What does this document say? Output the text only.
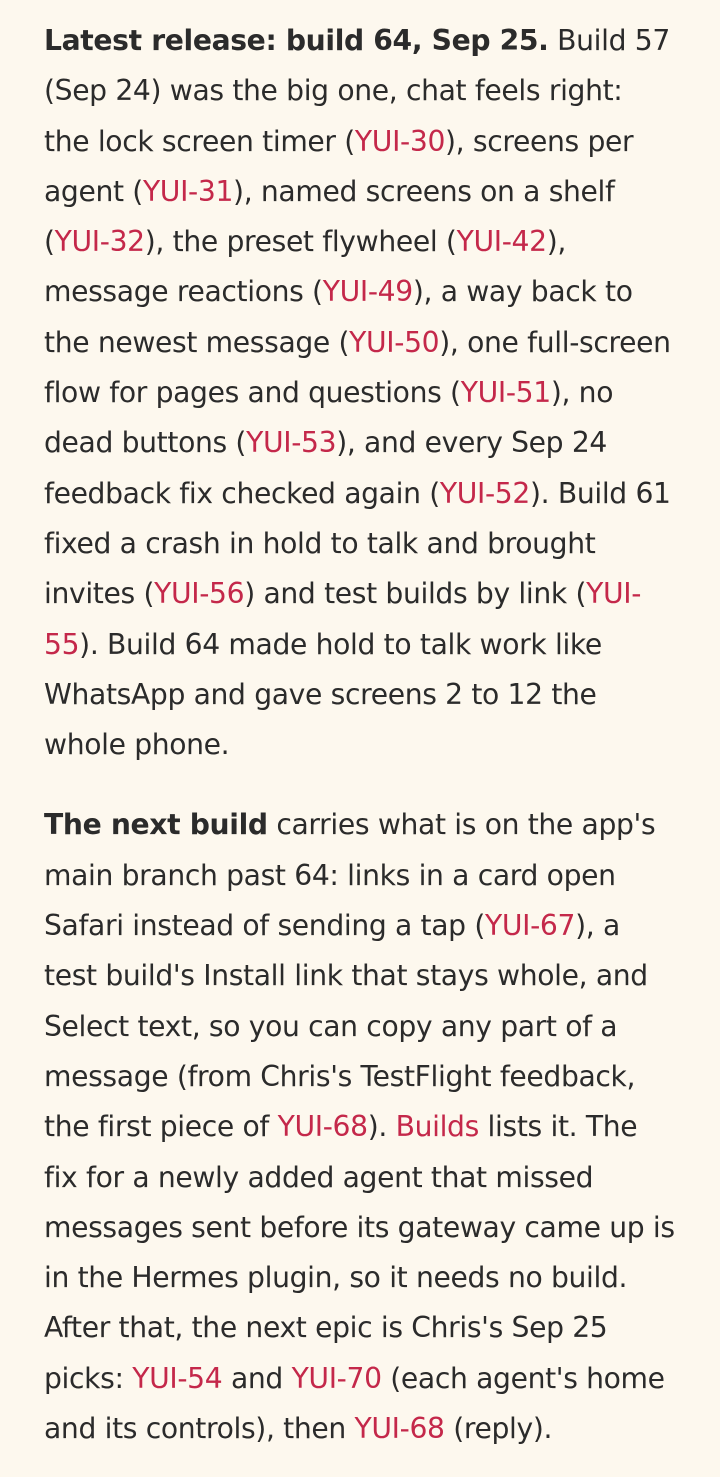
Latest release: build 64, Sep 25. Build 57 (Sep 24) was the big one, chat feels right: the lock screen timer (YUI-30), screens per agent (YUI-31), named screens on a shelf (YUI-32), the preset flywheel (YUI-42), message reactions (YUI-49), a way back to the newest message (YUI-50), one full-screen flow for pages and questions (YUI-51), no dead buttons (YUI-53), and every Sep 24 feedback fix checked again (YUI-52). Build 61 fixed a crash in hold to talk and brought invites (YUI-56) and test builds by link (YUI-55). Build 64 made hold to talk work like WhatsApp and gave screens 2 to 12 the whole phone.

The next build carries what is on the app's main branch past 64: links in a card open Safari instead of sending a tap (YUI-67), a test build's Install link that stays whole, and Select text, so you can copy any part of a message (from Chris's TestFlight feedback, the first piece of YUI-68). Builds lists it. The fix for a newly added agent that missed messages sent before its gateway came up is in the Hermes plugin, so it needs no build. After that, the next epic is Chris's Sep 25 picks: YUI-54 and YUI-70 (each agent's home and its controls), then YUI-68 (reply).
